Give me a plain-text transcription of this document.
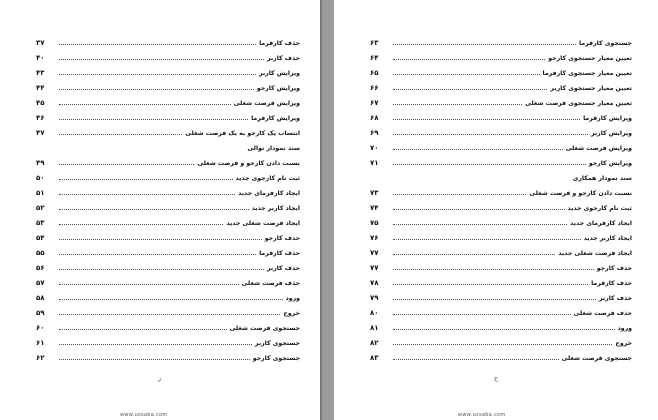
حذف کارفرما
۳۷
حذف کاربر
۴۰
ویرایش کاربر
۴۳
ویرایش کارجو
۴۴
ویرایش فرصت شغلی
۴۵
ویرایش کارفرما
۴۶
انتساب یک کارجو به یک فرصت شغلی
۴۷
سند نمودار توالی
نسبت دادن کارجو و فرصت شغلی
۴۹
ثبت نام کارجوی جدید
۵۰
ایجاد کارفرمای جدید
۵۱
ایجاد کاربر جدید
۵۲
ایجاد فرصت شغلی جدید
۵۳
حذف کارجو
۵۴
حذف کارفرما
۵۵
حذف کاربر
۵۶
حذف فرصت شغلی
۵۷
ورود
۵۸
خروج
۵۹
جستجوی فرصت شغلی
۶۰
جستجوی کاربر
۶۱
جستجوی کارجو
۶۲
ز
www.ussaba.com
جستجوی کارفرما
۶۳
تعیین معیار جستجوی کارجو
۶۴
تعیین معیار جستجوی کارفرما
۶۵
تعیین معیار جستجوی کاربر
۶۶
تعیین معیار جستجوی فرصت شغلی
۶۷
ویرایش کارفرما
۶۸
ویرایش کاربر
۶۹
ویرایش فرصت شغلی
۷۰
ویرایش کارجو
۷۱
سند نمودار همکاری
نسبت دادن کارجو و فرصت شغلی
۷۳
ثبت نام کارجوی جدید
۷۴
ایجاد کارفرمای جدید
۷۵
ایجاد کاربر جدید
۷۶
ایجاد فرصت شغلی جدید
۷۷
حذف کارجو
۷۷
حذف کارفرما
۷۸
حذف کاربر
۷۹
حذف فرصت شغلی
۸۰
ورود
۸۱
خروج
۸۲
جستجوی فرصت شغلی
۸۳
ح
www.ussaba.com
